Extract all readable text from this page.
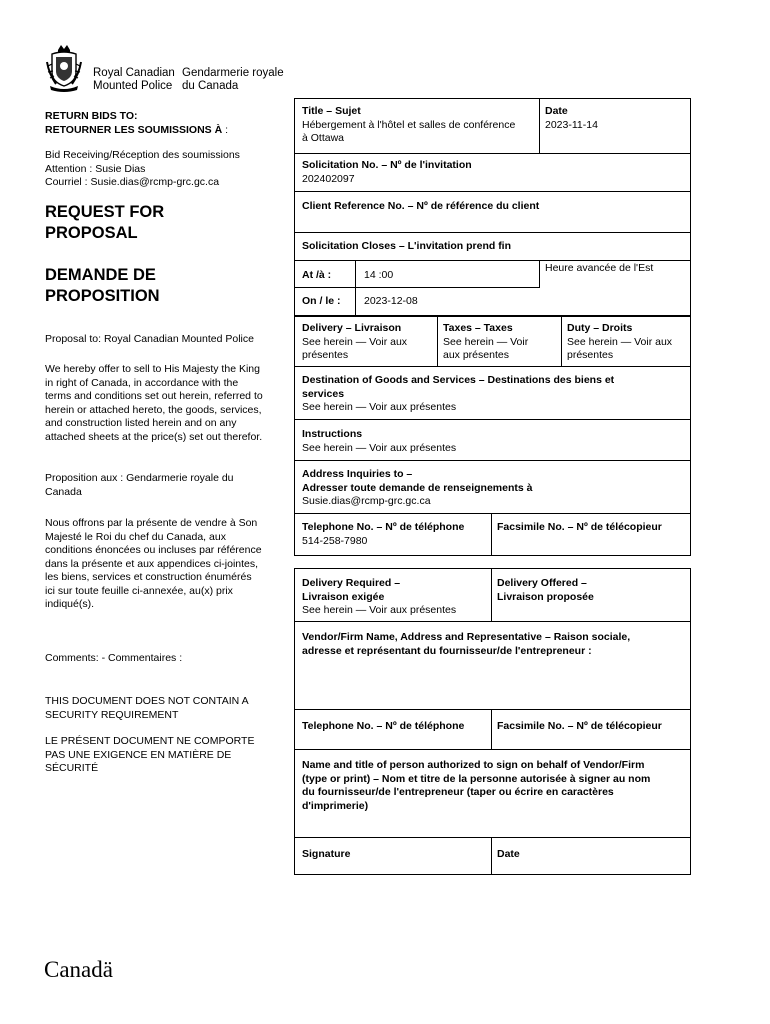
Royal Canadian
Mounted Police
Gendarmerie royale
du Canada
RETURN BIDS TO:
RETOURNER LES SOUMISSIONS À :
Bid Receiving/Réception des soumissions
Attention : Susie Dias
Courriel : Susie.dias@rcmp-grc.gc.ca
REQUEST FOR
PROPOSAL
DEMANDE DE
PROPOSITION
Proposal to: Royal Canadian Mounted Police
We hereby offer to sell to His Majesty the King
in right of Canada, in accordance with the
terms and conditions set out herein, referred to
herein or attached hereto, the goods, services,
and construction listed herein and on any
attached sheets at the price(s) set out therefor.
Proposition aux : Gendarmerie royale du
Canada
Nous offrons par la présente de vendre à Son
Majesté le Roi du chef du Canada, aux
conditions énoncées ou incluses par référence
dans la présente et aux appendices ci-jointes,
les biens, services et construction énumérés
ici sur toute feuille ci-annexée, au(x) prix
indiqué(s).
Comments: - Commentaires :
THIS DOCUMENT DOES NOT CONTAIN A
SECURITY REQUIREMENT
LE PRÉSENT DOCUMENT NE COMPORTE
PAS UNE EXIGENCE EN MATIÈRE DE
SÉCURITÉ
Title – Sujet
Hébergement à l'hôtel et salles de conférence
à Ottawa
Date
2023-11-14
Solicitation No. – Nº de l'invitation
202402097
Client Reference No. – Nº de référence du client
Solicitation Closes – L'invitation prend fin
At /à :	14 :00
Heure avancée de l'Est
On / le :	2023-12-08
Delivery – Livraison
See herein — Voir aux
présentes
Taxes – Taxes
See herein — Voir
aux présentes
Duty – Droits
See herein — Voir aux
présentes
Destination of Goods and Services – Destinations des biens et
services
See herein — Voir aux présentes
Instructions
See herein — Voir aux présentes
Address Inquiries to –
Adresser toute demande de renseignements à
Susie.dias@rcmp-grc.gc.ca
Telephone No. – Nº de téléphone
514-258-7980
Facsimile No. – Nº de télécopieur
Delivery Required –
Livraison exigée
See herein — Voir aux présentes
Delivery Offered –
Livraison proposée
Vendor/Firm Name, Address and Representative – Raison sociale,
adresse et représentant du fournisseur/de l'entrepreneur :
Telephone No. – Nº de téléphone	Facsimile No. – Nº de télécopieur
Name and title of person authorized to sign on behalf of Vendor/Firm
(type or print) – Nom et titre de la personne autorisée à signer au nom
du fournisseur/de l'entrepreneur (taper ou écrire en caractères
d'imprimerie)
Signature	Date
Canadä
